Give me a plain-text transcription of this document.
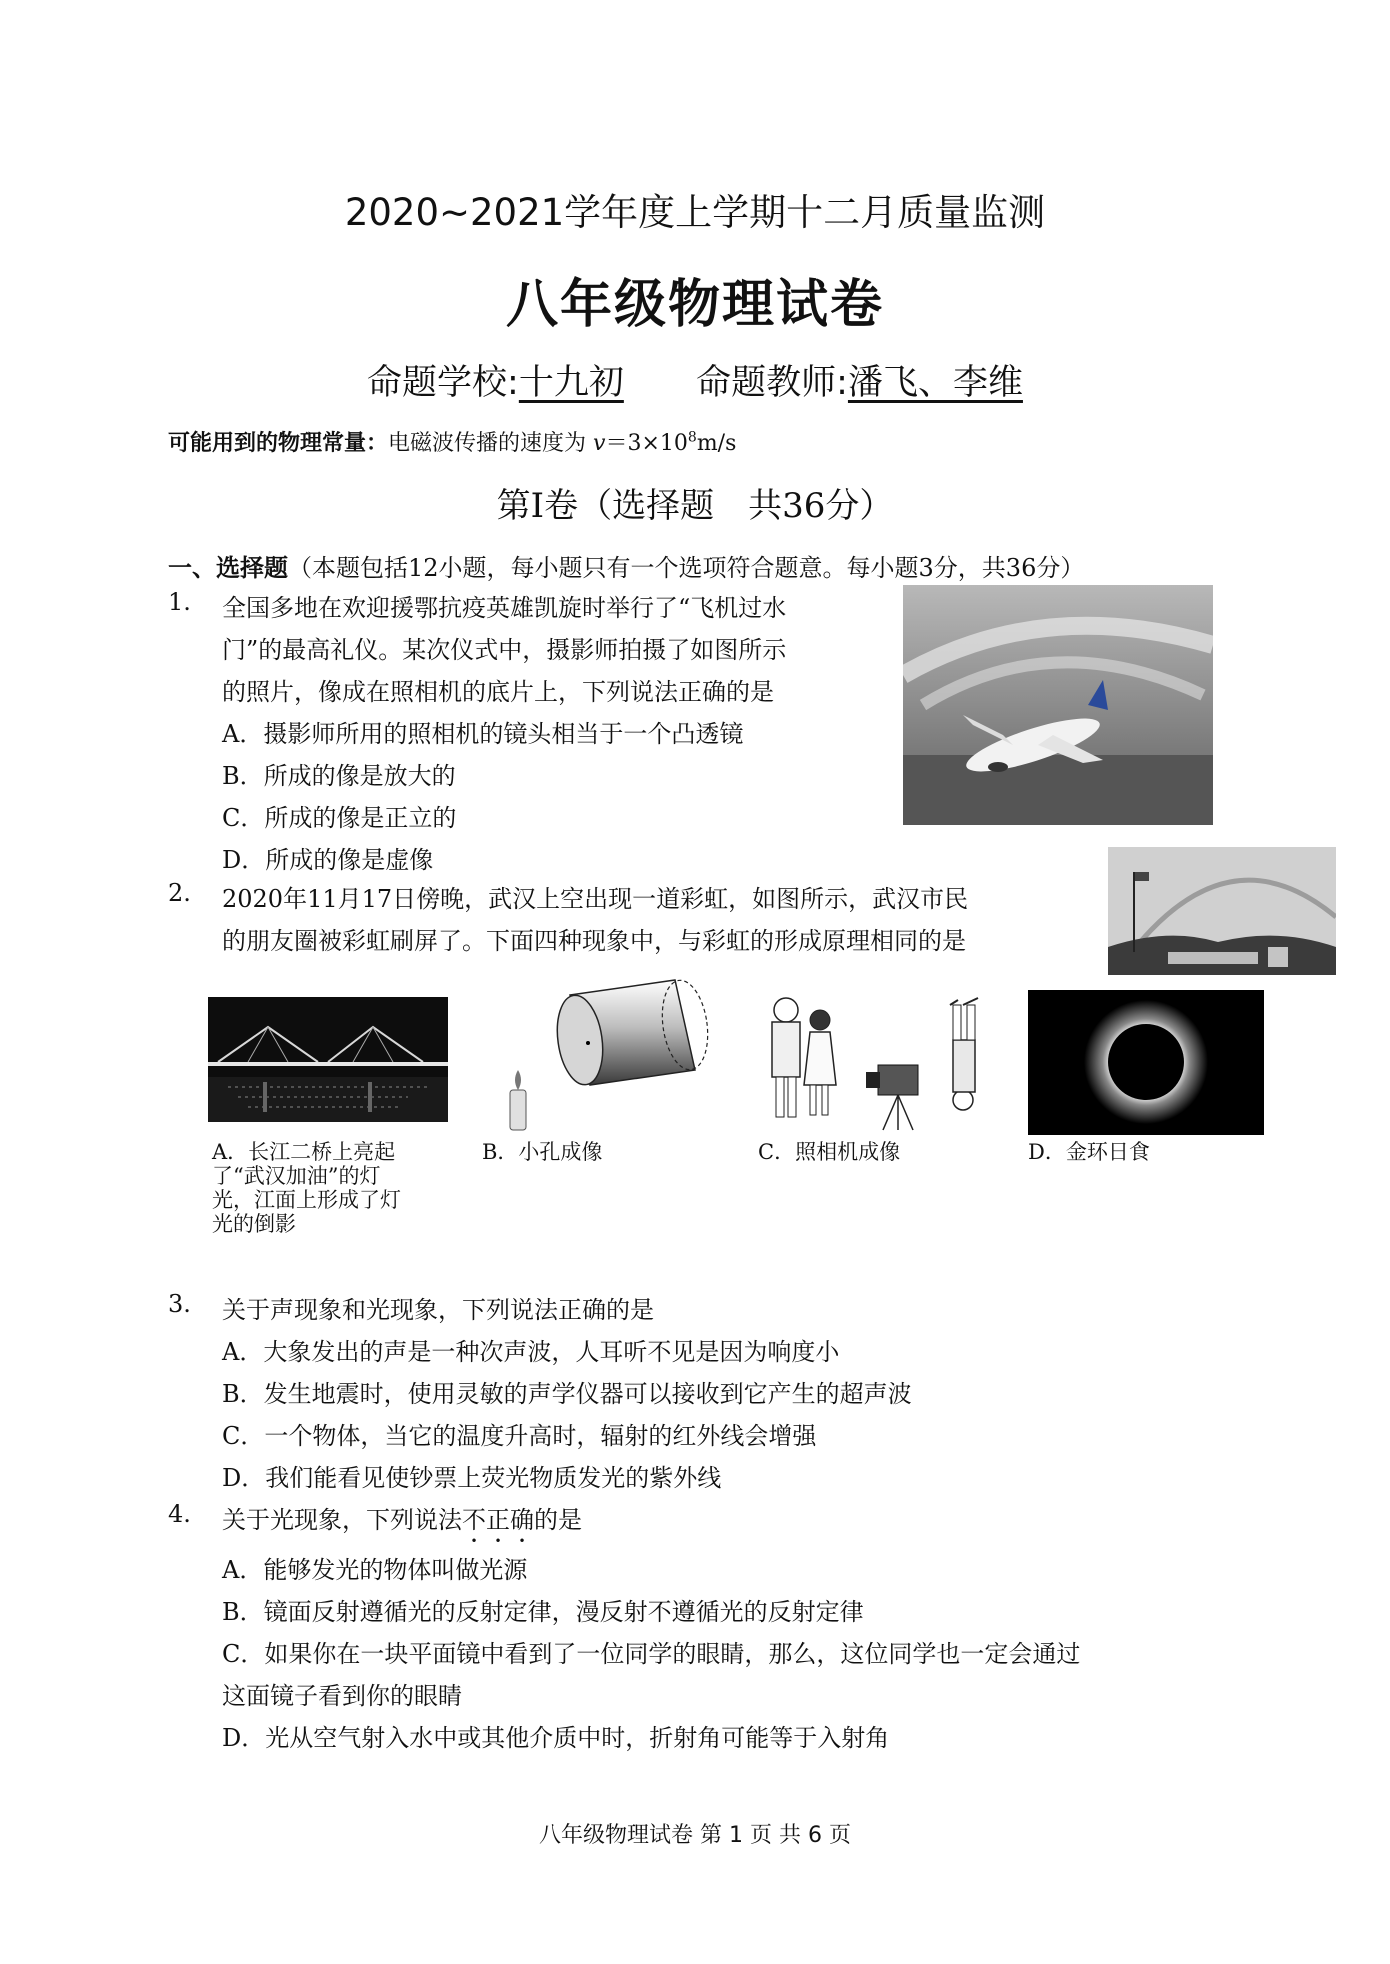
2020~2021学年度上学期十二月质量监测
八年级物理试卷
命题学校:十九初 命题教师:潘飞、李维
可能用到的物理常量：电磁波传播的速度为 $v=3\times 10^8m/s$
第Ⅰ卷（选择题　共36分）
一、选择题（本题包括12小题，每小题只有一个选项符合题意。每小题3分，共36分）
1. 全国多地在欢迎援鄂抗疫英雄凯旋时举行了“飞机过水
门”的最高礼仪。某次仪式中，摄影师拍摄了如图所示
的照片，像成在照相机的底片上，下列说法正确的是
A．摄影师所用的照相机的镜头相当于一个凸透镜
B．所成的像是放大的
C．所成的像是正立的
D．所成的像是虚像
2. 2020年11月17日傍晚，武汉上空出现一道彩虹，如图所示，武汉市民
的朋友圈被彩虹刷屏了。下面四种现象中，与彩虹的形成原理相同的是
A．长江二桥上亮起
了“武汉加油”的灯
光，江面上形成了灯
光的倒影
B．小孔成像	C．照相机成像	D．金环日食
3. 关于声现象和光现象，下列说法正确的是
A．大象发出的声是一种次声波，人耳听不见是因为响度小
B．发生地震时，使用灵敏的声学仪器可以接收到它产生的超声波
C．一个物体，当它的温度升高时，辐射的红外线会增强
D．我们能看见使钞票上荧光物质发光的紫外线
4. 关于光现象，下列说法不正确的是
A．能够发光的物体叫做光源
B．镜面反射遵循光的反射定律，漫反射不遵循光的反射定律
C．如果你在一块平面镜中看到了一位同学的眼睛，那么，这位同学也一定会通过
这面镜子看到你的眼睛
D．光从空气射入水中或其他介质中时，折射角可能等于入射角
八年级物理试卷 第 1 页 共 6 页
